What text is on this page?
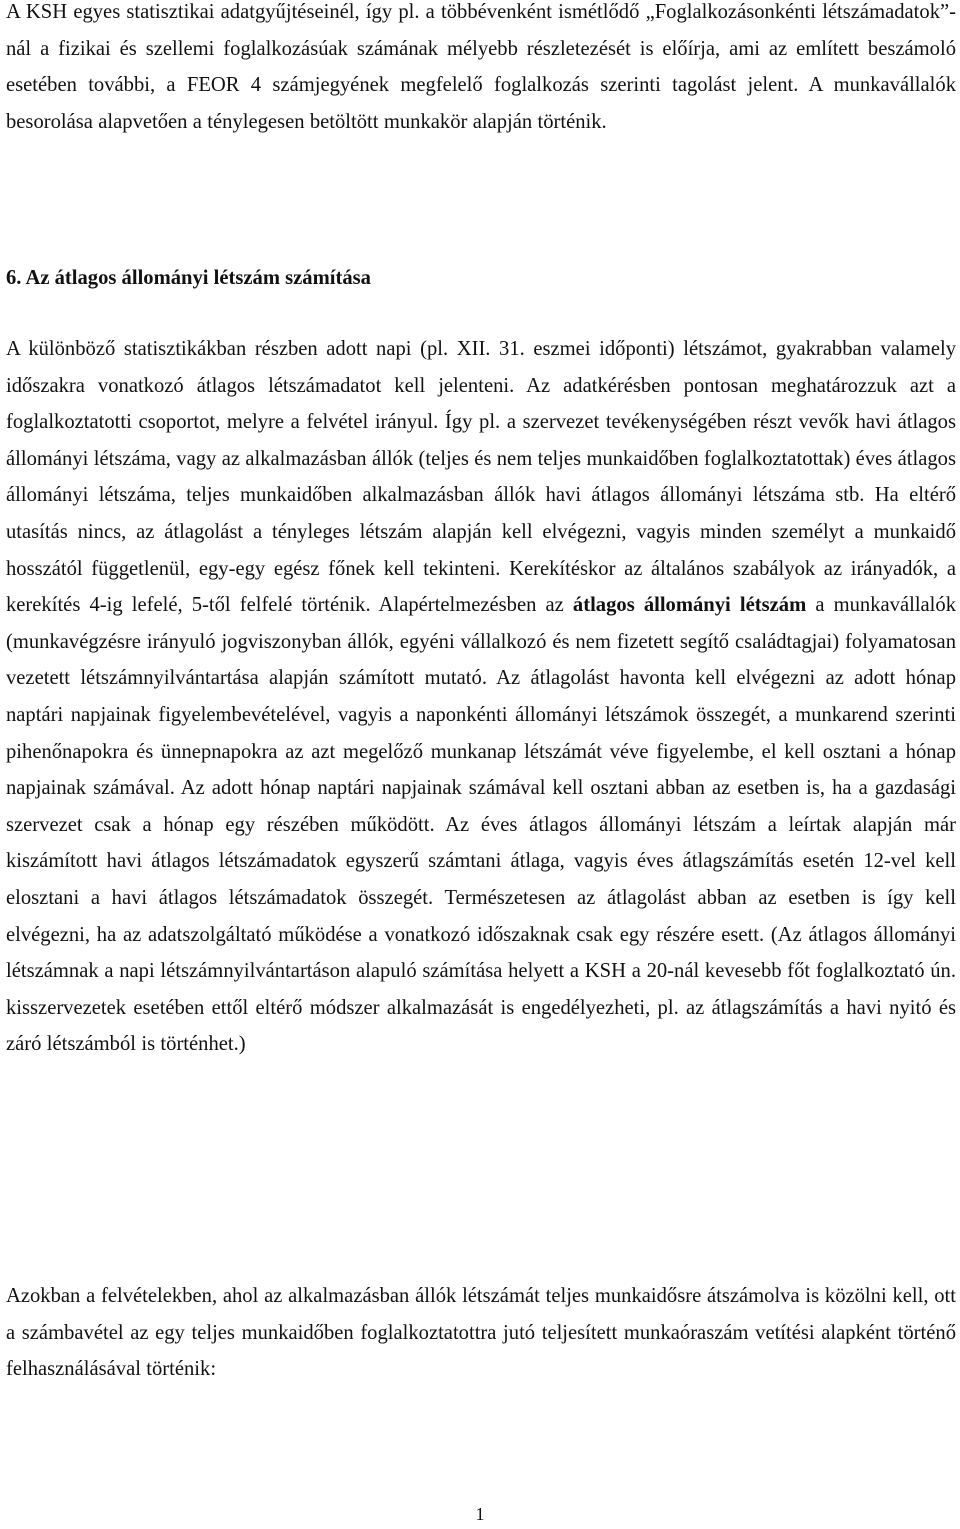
A KSH egyes statisztikai adatgyűjtéseinél, így pl. a többévenként ismétlődő „Foglalkozásonkénti létszámadatok”-nál a fizikai és szellemi foglalkozásúak számának mélyebb részletezését is előírja, ami az említett beszámoló esetében további, a FEOR 4 számjegyének megfelelő foglalkozás szerinti tagolást jelent. A munkavállalók besorolása alapvetően a ténylegesen betöltött munkakör alapján történik.

6. Az átlagos állományi létszám számítása

A különböző statisztikákban részben adott napi (pl. XII. 31. eszmei időponti) létszámot, gyakrabban valamely időszakra vonatkozó átlagos létszámadatot kell jelenteni. Az adatkérésben pontosan meghatározzuk azt a foglalkoztatotti csoportot, melyre a felvétel irányul. Így pl. a szervezet tevékenységében részt vevők havi átlagos állományi létszáma, vagy az alkalmazásban állók (teljes és nem teljes munkaidőben foglalkoztatottak) éves átlagos állományi létszáma, teljes munkaidőben alkalmazásban állók havi átlagos állományi létszáma stb. Ha eltérő utasítás nincs, az átlagolást a tényleges létszám alapján kell elvégezni, vagyis minden személyt a munkaidő hosszától függetlenül, egy-egy egész főnek kell tekinteni. Kerekítéskor az általános szabályok az irányadók, a kerekítés 4-ig lefelé, 5-től felfelé történik. Alapértelmezésben az átlagos állományi létszám a munkavállalók (munkavégzésre irányuló jogviszonyban állók, egyéni vállalkozó és nem fizetett segítő családtagjai) folyamatosan vezetett létszámnyilvántartása alapján számított mutató. Az átlagolást havonta kell elvégezni az adott hónap naptári napjainak figyelembevételével, vagyis a naponkénti állományi létszámok összegét, a munkarend szerinti pihenőnapokra és ünnepnapokra az azt megelőző munkanap létszámát véve figyelembe, el kell osztani a hónap napjainak számával. Az adott hónap naptári napjainak számával kell osztani abban az esetben is, ha a gazdasági szervezet csak a hónap egy részében működött. Az éves átlagos állományi létszám a leírtak alapján már kiszámított havi átlagos létszámadatok egyszerű számtani átlaga, vagyis éves átlagszámítás esetén 12-vel kell elosztani a havi átlagos létszámadatok összegét. Természetesen az átlagolást abban az esetben is így kell elvégezni, ha az adatszolgáltató működése a vonatkozó időszaknak csak egy részére esett. (Az átlagos állományi létszámnak a napi létszámnyilvántartáson alapuló számítása helyett a KSH a 20-nál kevesebb főt foglalkoztató ún. kisszervezetek esetében ettől eltérő módszer alkalmazását is engedélyezheti, pl. az átlagszámítás a havi nyitó és záró létszámból is történhet.)

Azokban a felvételekben, ahol az alkalmazásban állók létszámát teljes munkaidősre átszámolva is közölni kell, ott a számbavétel az egy teljes munkaidőben foglalkoztatottra jutó teljesített munkaóraszám vetítési alapként történő felhasználásával történik:

1
